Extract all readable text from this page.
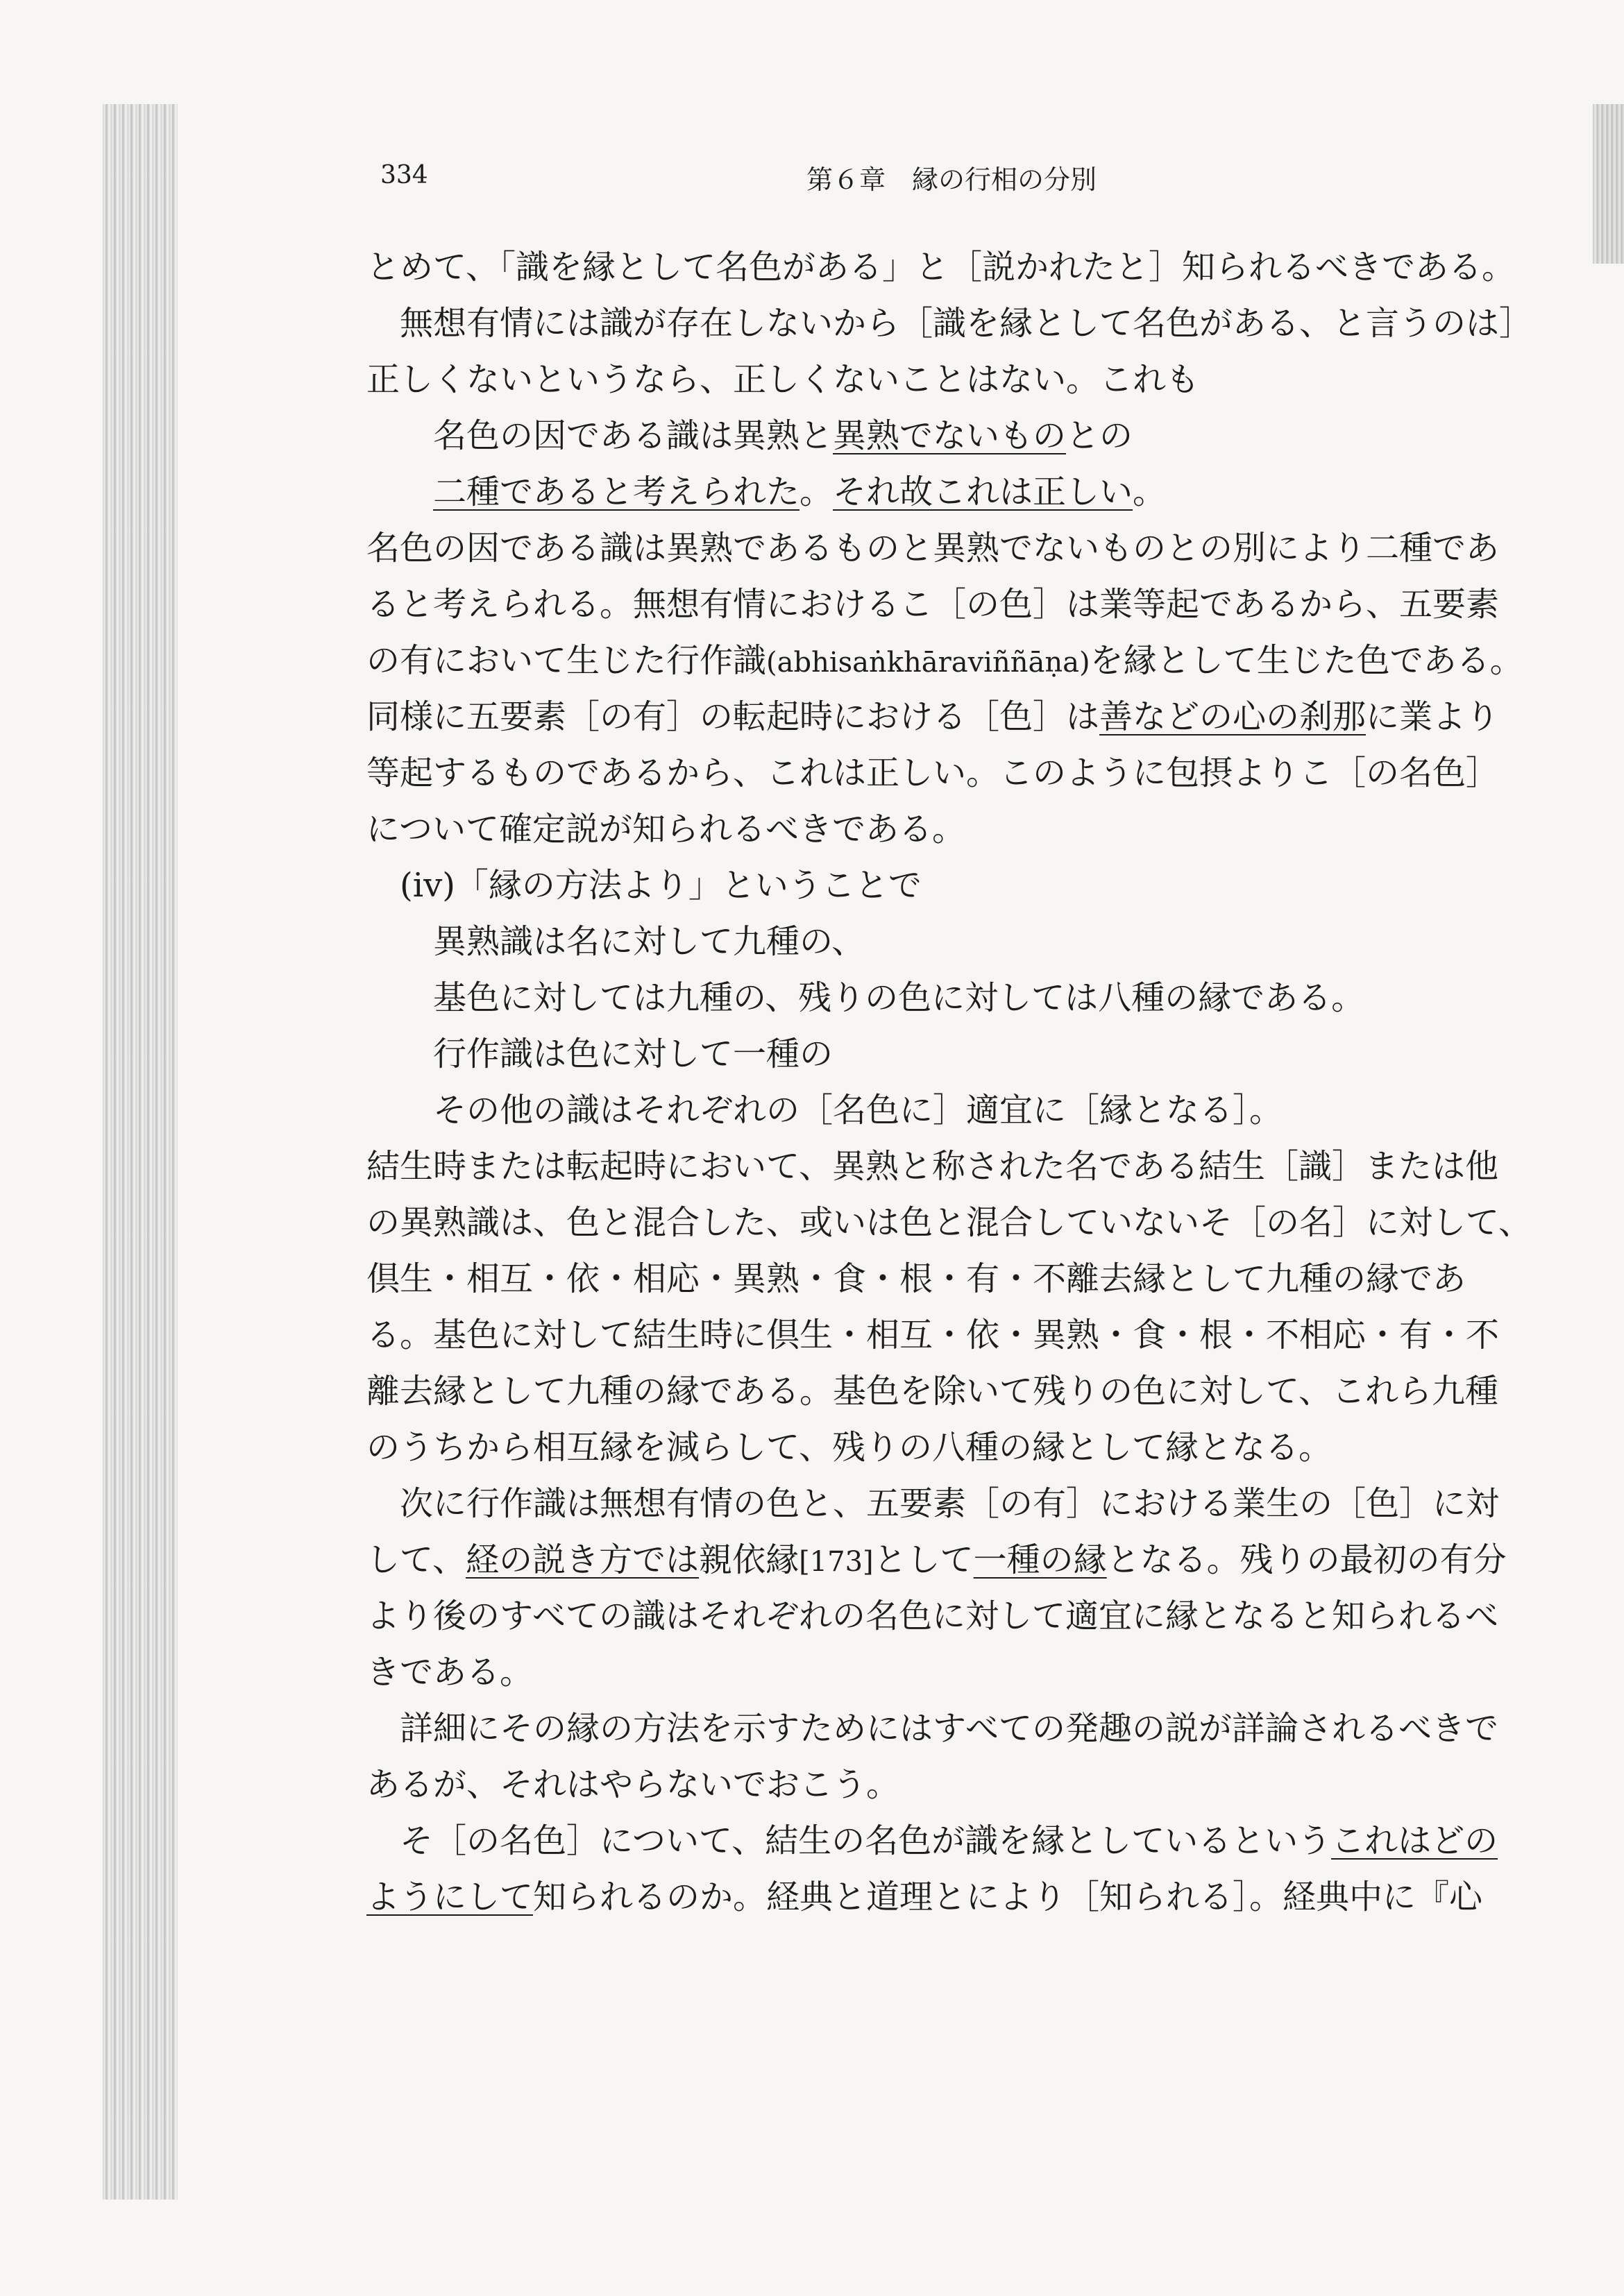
334	第６章　縁の行相の分別
とめて、「識を縁として名色がある」と［説かれたと］知られるべきである。
無想有情には識が存在しないから［識を縁として名色がある、と言うのは］
正しくないというなら、正しくないことはない。これも
名色の因である識は異熟と異熟でないものとの
二種であると考えられた。それ故これは正しい。
名色の因である識は異熟であるものと異熟でないものとの別により二種であ
ると考えられる。無想有情におけるこ［の色］は業等起であるから、五要素
の有において生じた行作識(abhisaṅkhāraviññāṇa)を縁として生じた色である。
同様に五要素［の有］の転起時における［色］は善などの心の刹那に業より
等起するものであるから、これは正しい。このように包摂よりこ［の名色］
について確定説が知られるべきである。
(iv)「縁の方法より」ということで
異熟識は名に対して九種の、
基色に対しては九種の、残りの色に対しては八種の縁である。
行作識は色に対して一種の
その他の識はそれぞれの［名色に］適宜に［縁となる］。
結生時または転起時において、異熟と称された名である結生［識］または他
の異熟識は、色と混合した、或いは色と混合していないそ［の名］に対して、
倶生・相互・依・相応・異熟・食・根・有・不離去縁として九種の縁であ
る。基色に対して結生時に倶生・相互・依・異熟・食・根・不相応・有・不
離去縁として九種の縁である。基色を除いて残りの色に対して、これら九種
のうちから相互縁を減らして、残りの八種の縁として縁となる。
次に行作識は無想有情の色と、五要素［の有］における業生の［色］に対
して、経の説き方では親依縁[173]として一種の縁となる。残りの最初の有分
より後のすべての識はそれぞれの名色に対して適宜に縁となると知られるべ
きである。
詳細にその縁の方法を示すためにはすべての発趣の説が詳論されるべきで
あるが、それはやらないでおこう。
そ［の名色］について、結生の名色が識を縁としているというこれはどの
ようにして知られるのか。経典と道理とにより［知られる］。経典中に『心
